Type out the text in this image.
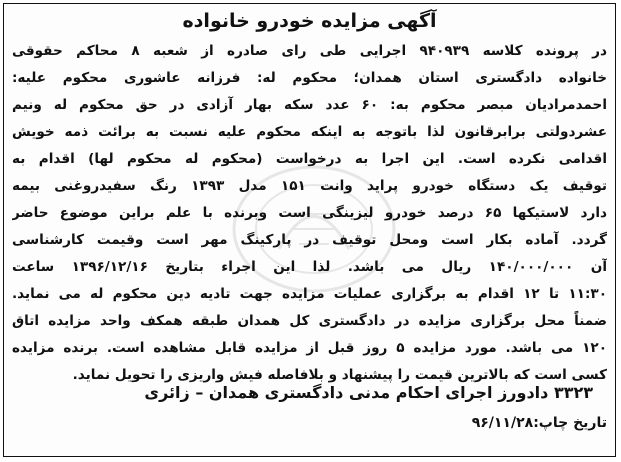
آگهی مزایده خودرو خانواده
در پرونده کلاسه ۹۴۰۹۳۹ اجرایی طی رای صادره از شعبه ۸ محاکم حقوقی
خانواده دادگستری استان همدان؛ محکوم له: فرزانه عاشوری محکوم علیه:
احمدمرادیان مبصر محکوم به: ۶۰ عدد سکه بهار آزادی در حق محکوم له ونیم
عشردولتی برابرقانون لذا باتوجه به اینکه محکوم علیه نسبت به برائت ذمه خویش
اقدامی نکرده است. این اجرا به درخواست (محکوم له محکوم لها) اقدام به
توقیف یک دستگاه خودرو پراید وانت ۱۵۱ مدل ۱۳۹۳ رنگ سفیدروغنی بیمه
دارد لاستیکها ۶۵ درصد خودرو لیزینگی است وبرنده با علم براین موضوع حاضر
گردد. آماده بکار است ومحل توقیف در پارکینگ مهر است وقیمت کارشناسی
آن ۱۴۰/۰۰۰/۰۰۰ ریال می باشد. لذا این اجراء بتاریخ ۱۳۹۶/۱۲/۱۶ ساعت
۱۱:۳۰ تا ۱۲ اقدام به برگزاری عملیات مزایده جهت تادیه دین محکوم له می نماید.
ضمناً محل برگزاری مزایده در دادگستری کل همدان طبقه همکف واحد مزایده اتاق
۱۲۰ می باشد. مورد مزایده ۵ روز قبل از مزایده قابل مشاهده است. برنده مزایده
کسی است که بالاترین قیمت را پیشنهاد و بلافاصله فیش واریزی را تحویل نماید.
۳۳۲۳ دادورز اجرای احکام مدنی دادگستری همدان – زائری
تاریخ چاپ:۹۶/۱۱/۲۸
